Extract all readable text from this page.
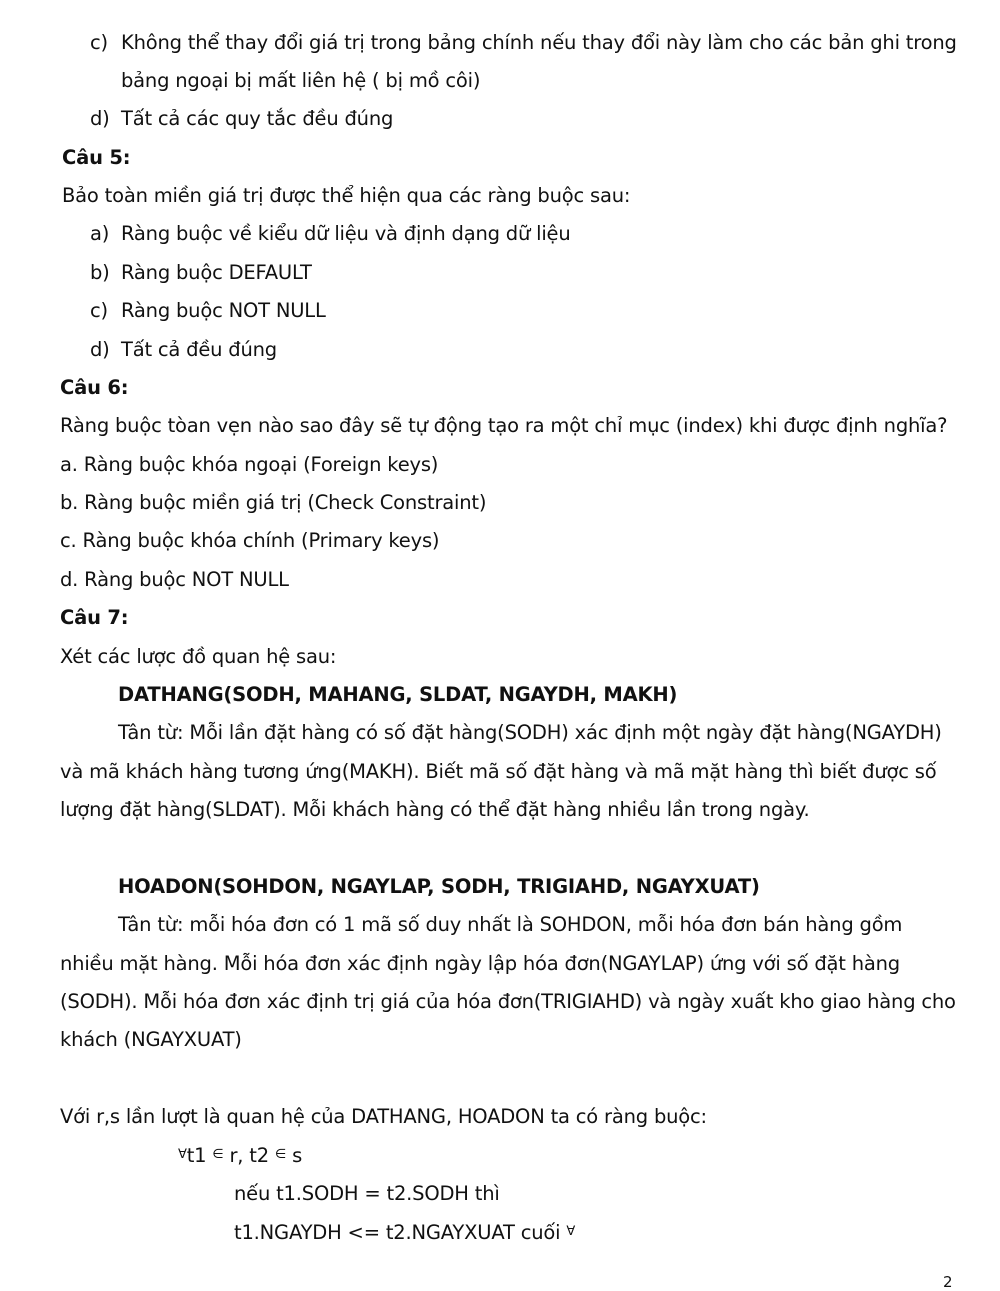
c) Không thể thay đổi giá trị trong bảng chính nếu thay đổi này làm cho các bản ghi trong
bảng ngoại bị mất liên hệ ( bị mồ côi)
d) Tất cả các quy tắc đều đúng
Câu 5:
Bảo toàn miền giá trị được thể hiện qua các ràng buộc sau:
a) Ràng buộc về kiểu dữ liệu và định dạng dữ liệu
b) Ràng buộc DEFAULT
c) Ràng buộc NOT NULL
d) Tất cả đều đúng
Câu 6:
Ràng buộc tòan vẹn nào sao đây sẽ tự động tạo ra một chỉ mục (index) khi được định nghĩa?
a. Ràng buộc khóa ngoại (Foreign keys)
b. Ràng buộc miền giá trị (Check Constraint)
c. Ràng buộc khóa chính (Primary keys)
d. Ràng buộc NOT NULL
Câu 7:
Xét các lược đồ quan hệ sau:
DATHANG(SODH, MAHANG, SLDAT, NGAYDH, MAKH)
Tân từ: Mỗi lần đặt hàng có số đặt hàng(SODH) xác định một ngày đặt hàng(NGAYDH)
và mã khách hàng tương ứng(MAKH). Biết mã số đặt hàng và mã mặt hàng thì biết được số
lượng đặt hàng(SLDAT). Mỗi khách hàng có thể đặt hàng nhiều lần trong ngày.
HOADON(SOHDON, NGAYLAP, SODH, TRIGIAHD, NGAYXUAT)
Tân từ: mỗi hóa đơn có 1 mã số duy nhất là SOHDON, mỗi hóa đơn bán hàng gồm
nhiều mặt hàng. Mỗi hóa đơn xác định ngày lập hóa đơn(NGAYLAP) ứng với số đặt hàng
(SODH). Mỗi hóa đơn xác định trị giá của hóa đơn(TRIGIAHD) và ngày xuất kho giao hàng cho
khách (NGAYXUAT)
Với r,s lần lượt là quan hệ của DATHANG, HOADON ta có ràng buộc:
∀t1 ∈ r, t2 ∈ s
nếu t1.SODH = t2.SODH thì
t1.NGAYDH <= t2.NGAYXUAT cuối ∀
2
